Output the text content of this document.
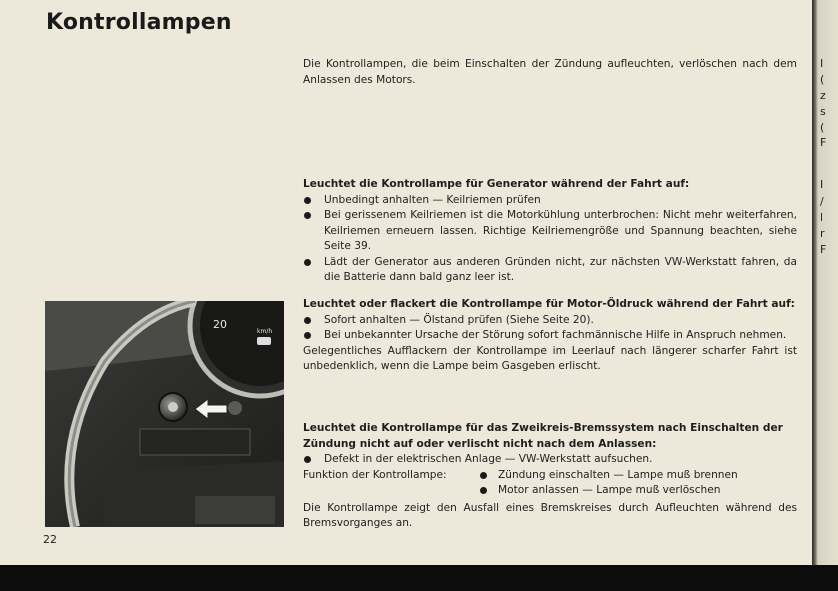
Kontrollampen
Die Kontrollampen, die beim Einschalten der Zündung aufleuchten, verlöschen nach dem Anlassen des Motors.
Leuchtet die Kontrollampe für Generator während der Fahrt auf:
Unbedingt anhalten — Keilriemen prüfen
Bei gerissenem Keilriemen ist die Motorkühlung unterbrochen: Nicht mehr weiterfahren, Keilriemen erneuern lassen. Richtige Keilriemengröße und Spannung beachten, siehe Seite 39.
Lädt der Generator aus anderen Gründen nicht, zur nächsten VW-Werkstatt fahren, da die Batterie dann bald ganz leer ist.
Leuchtet oder flackert die Kontrollampe für Motor-Öldruck während der Fahrt auf:
Sofort anhalten — Ölstand prüfen (Siehe Seite 20).
Bei unbekannter Ursache der Störung sofort fachmännische Hilfe in Anspruch nehmen.
Gelegentliches Aufflackern der Kontrollampe im Leerlauf nach längerer scharfer Fahrt ist unbedenklich, wenn die Lampe beim Gasgeben erlischt.
Leuchtet die Kontrollampe für das Zweikreis-Bremssystem nach Einschalten der Zündung nicht auf oder verlischt nicht nach dem Anlassen:
Defekt in der elektrischen Anlage — VW-Werkstatt aufsuchen.
Funktion der Kontrollampe:	Zündung einschalten — Lampe muß brennen
Motor anlassen — Lampe muß verlöschen
Die Kontrollampe zeigt den Ausfall eines Bremskreises durch Aufleuchten während des Bremsvorganges an.
20
km/h
22
I
(
z
s
(
F
I
/
l
r
F
